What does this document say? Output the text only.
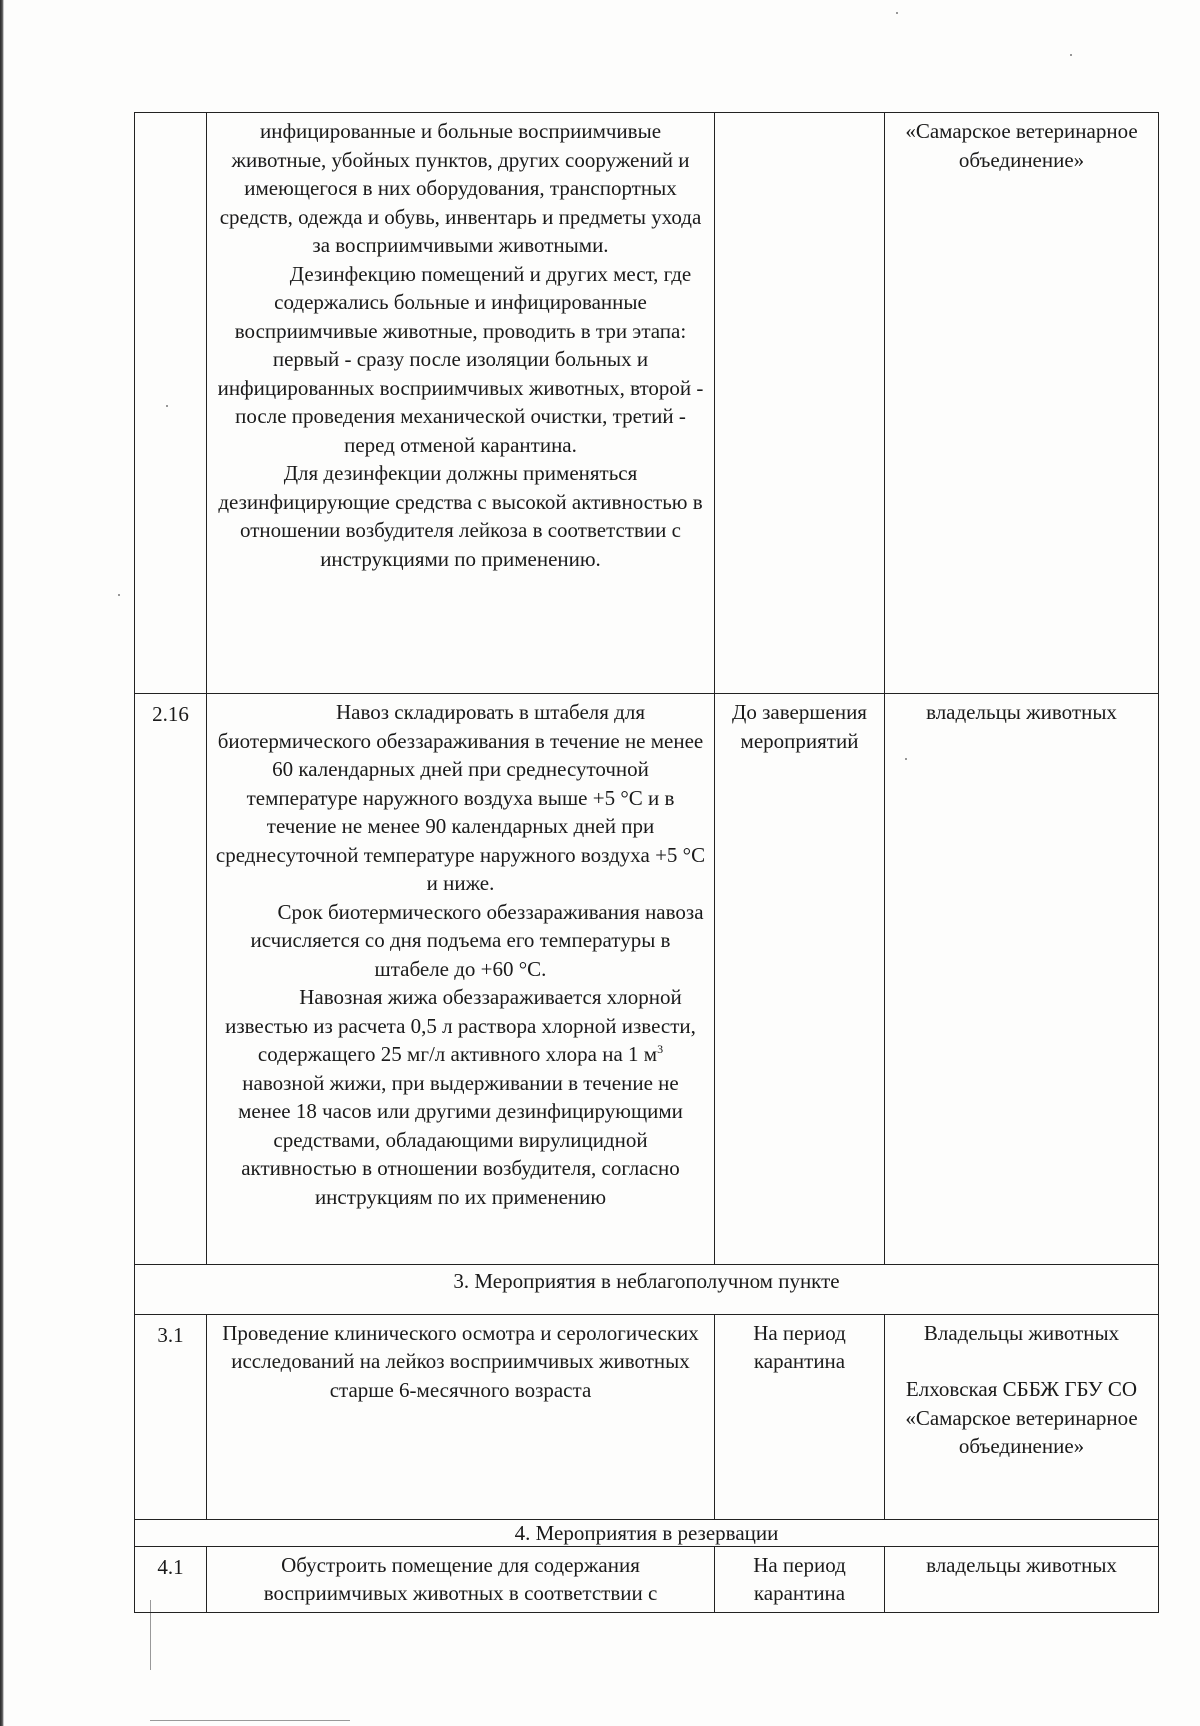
	инфицированные и больные восприимчивые животные, убойных пунктов, других сооружений и имеющегося в них оборудования, транспортных средств, одежда и обувь, инвентарь и предметы ухода за восприимчивыми животными.

Дезинфекцию помещений и других мест, где содержались больные и инфицированные восприимчивые животные, проводить в три этапа: первый - сразу после изоляции больных и инфицированных восприимчивых животных, второй - после проведения механической очистки, третий - перед отменой карантина.

Для дезинфекции должны применяться дезинфицирующие средства с высокой активностью в отношении возбудителя лейкоза в соответствии с инструкциями по применению.		«Самарское ветеринарное объединение»

2.16	Навоз складировать в штабеля для биотермического обеззараживания в течение не менее 60 календарных дней при среднесуточной температуре наружного воздуха выше +5 °C и в течение не менее 90 календарных дней при среднесуточной температуре наружного воздуха +5 °C и ниже.

Срок биотермического обеззараживания навоза исчисляется со дня подъема его температуры в штабеле до +60 °C.

Навозная жижа обеззараживается хлорной известью из расчета 0,5 л раствора хлорной извести, содержащего 25 мг/л активного хлора на 1 $м^3$ навозной жижи, при выдерживании в течение не менее 18 часов или другими дезинфицирующими средствами, обладающими вирулицидной активностью в отношении возбудителя, согласно инструкциям по их применению	До завершения мероприятий	владельцы животных
3. Мероприятия в неблагополучном пункте			
3.1	Проведение клинического осмотра и серологических исследований на лейкоз восприимчивых животных старше 6-месячного возраста	На период карантина	Владельцы животных

Елховская СББЖ ГБУ СО «Самарское ветеринарное объединение»

4. Мероприятия в резервации			
4.1	Обустроить помещение для содержания восприимчивых животных в соответствии с	На период карантина	владельцы животных
